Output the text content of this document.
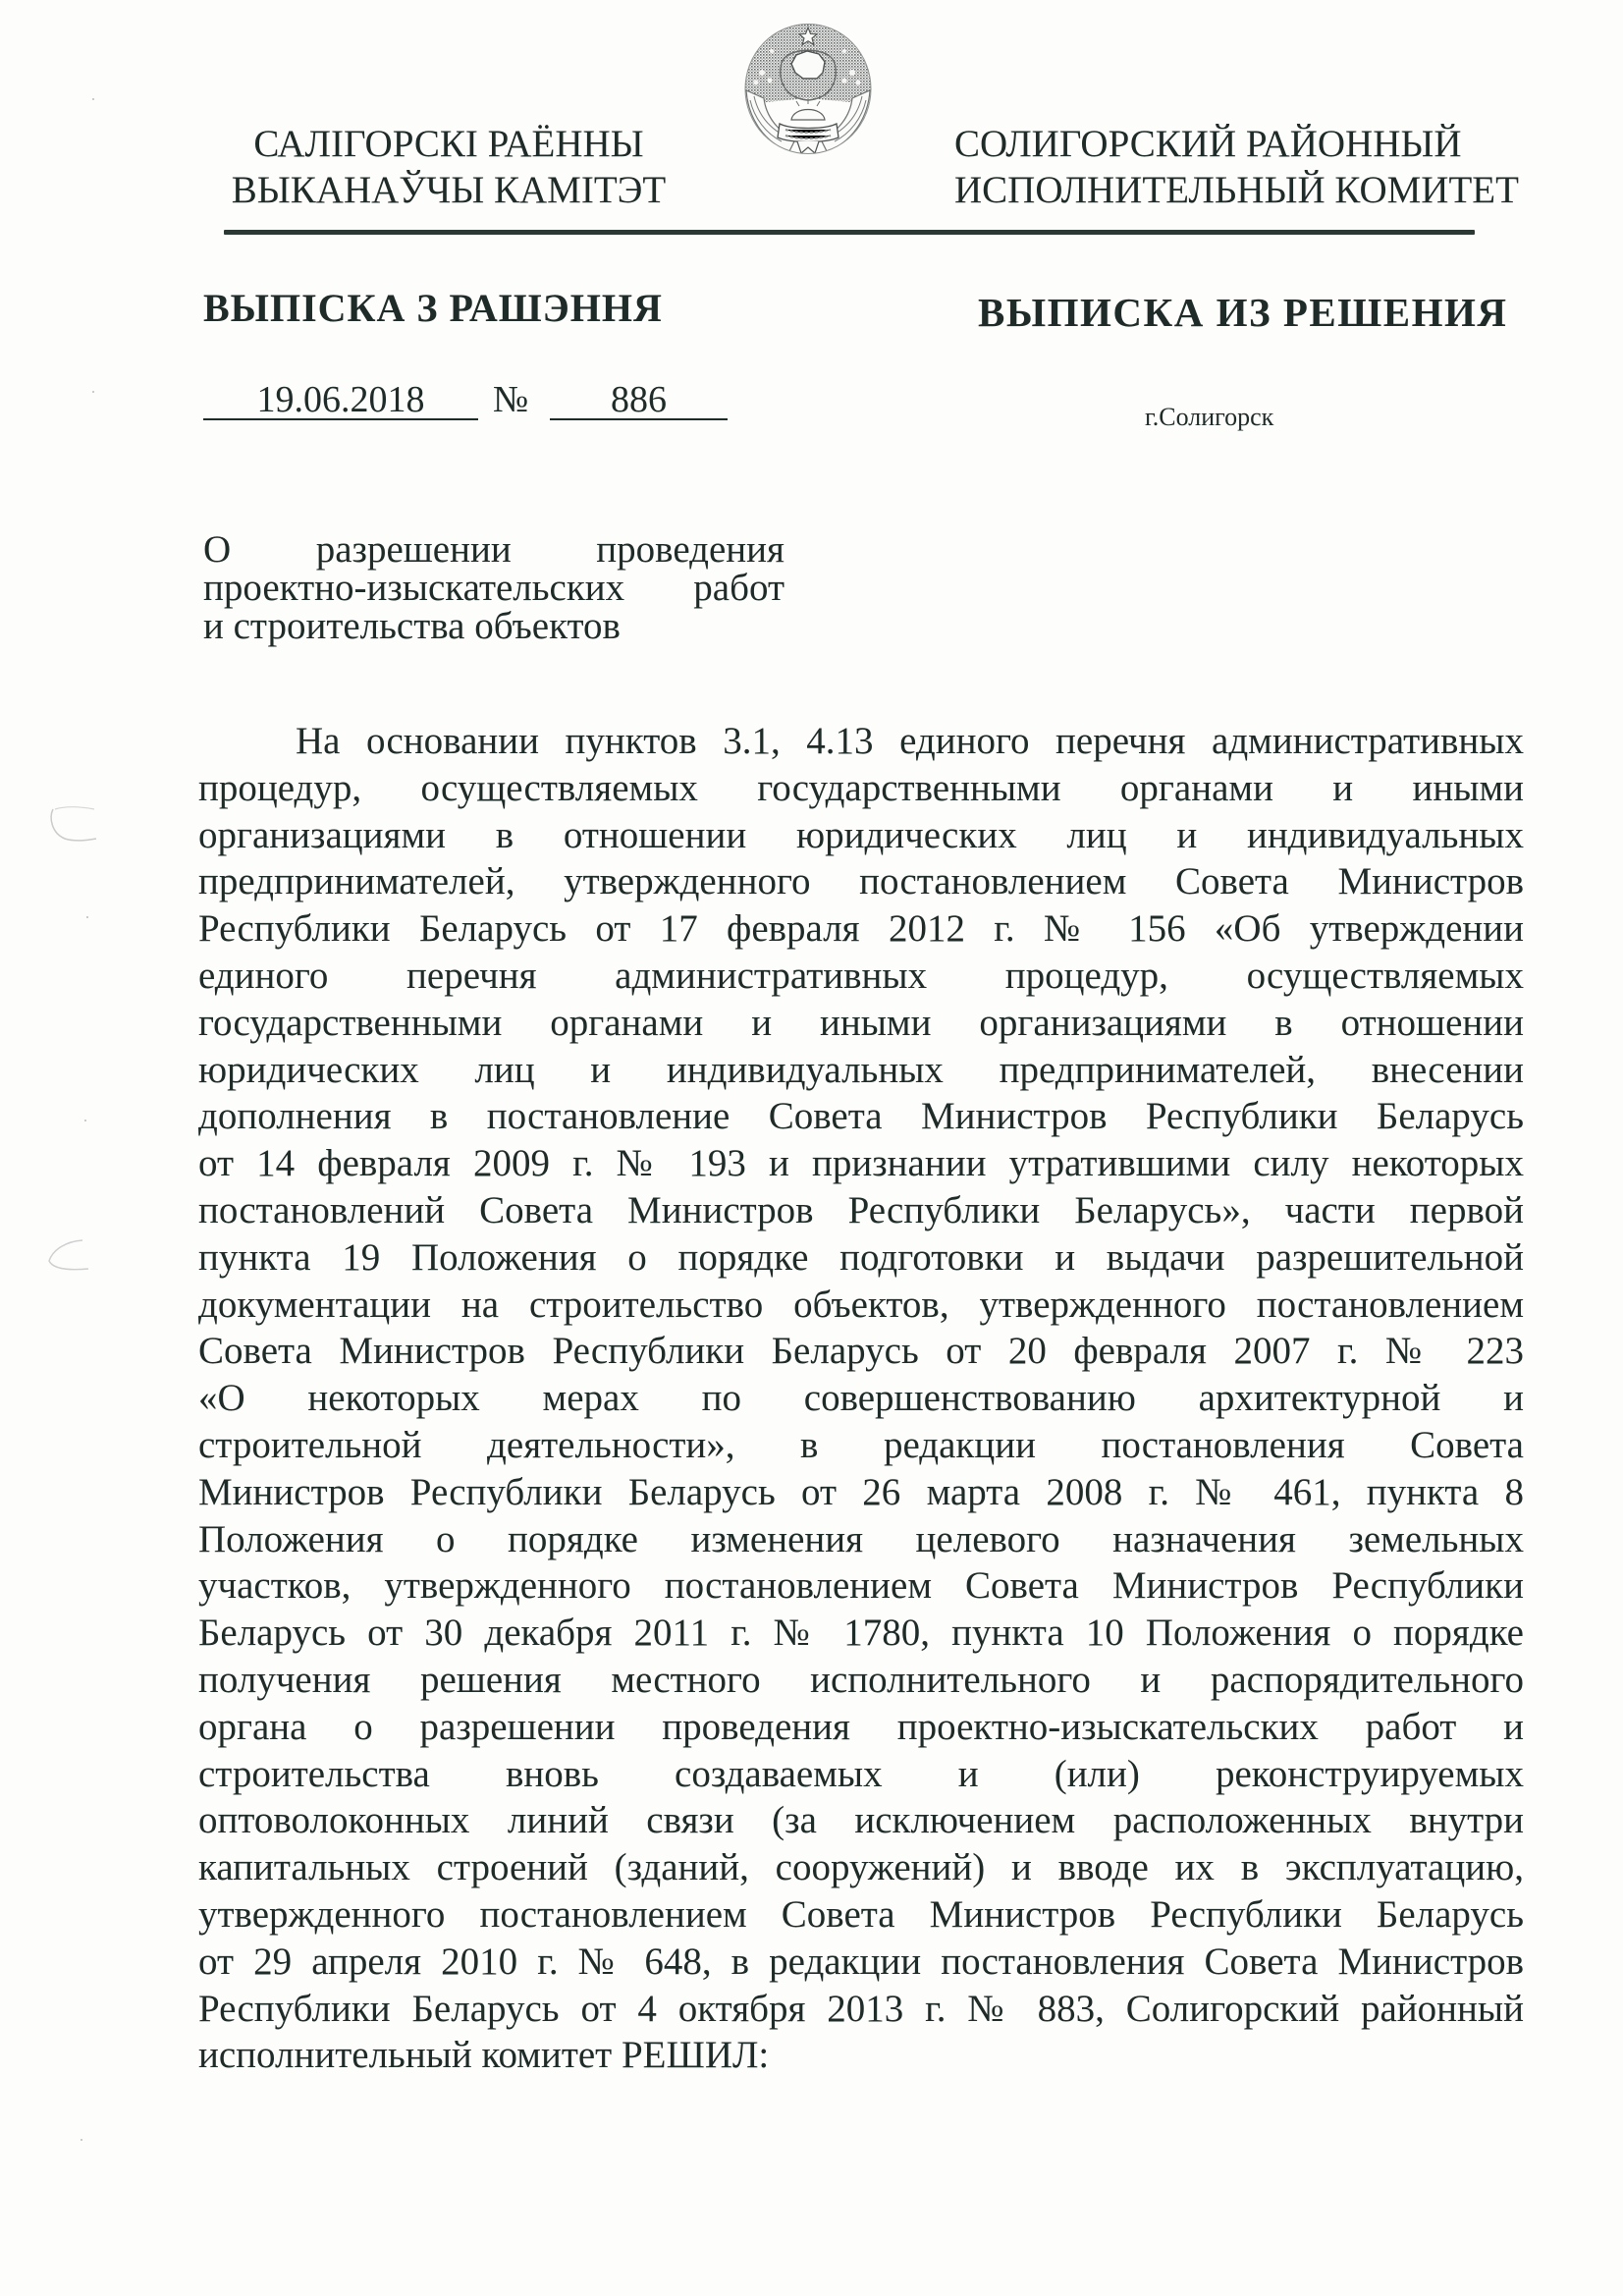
САЛІГОРСКІ РАЁННЫ
ВЫКАНАЎЧЫ КАМІТЭТ
СОЛИГОРСКИЙ РАЙОННЫЙ
ИСПОЛНИТЕЛЬНЫЙ КОМИТЕТ
ВЫПІСКА З РАШЭННЯ	ВЫПИСКА ИЗ РЕШЕНИЯ
19.06.2018	№	886	г.Солигорск
О разрешении проведения
проектно-изыскательских работ
и строительства объектов
На основании пунктов 3.1, 4.13 единого перечня административных
процедур, осуществляемых государственными органами и иными
организациями в отношении юридических лиц и индивидуальных
предпринимателей, утвержденного постановлением Совета Министров
Республики Беларусь от 17 февраля 2012 г. № 156 «Об утверждении
единого перечня административных процедур, осуществляемых
государственными органами и иными организациями в отношении
юридических лиц и индивидуальных предпринимателей, внесении
дополнения в постановление Совета Министров Республики Беларусь
от 14 февраля 2009 г. № 193 и признании утратившими силу некоторых
постановлений Совета Министров Республики Беларусь», части первой
пункта 19 Положения о порядке подготовки и выдачи разрешительной
документации на строительство объектов, утвержденного постановлением
Совета Министров Республики Беларусь от 20 февраля 2007 г. № 223
«О некоторых мерах по совершенствованию архитектурной и
строительной деятельности», в редакции постановления Совета
Министров Республики Беларусь от 26 марта 2008 г. № 461, пункта 8
Положения о порядке изменения целевого назначения земельных
участков, утвержденного постановлением Совета Министров Республики
Беларусь от 30 декабря 2011 г. № 1780, пункта 10 Положения о порядке
получения решения местного исполнительного и распорядительного
органа о разрешении проведения проектно-изыскательских работ и
строительства вновь создаваемых и (или) реконструируемых
оптоволоконных линий связи (за исключением расположенных внутри
капитальных строений (зданий, сооружений) и вводе их в эксплуатацию,
утвержденного постановлением Совета Министров Республики Беларусь
от 29 апреля 2010 г. № 648, в редакции постановления Совета Министров
Республики Беларусь от 4 октября 2013 г. № 883, Солигорский районный
исполнительный комитет РЕШИЛ:
